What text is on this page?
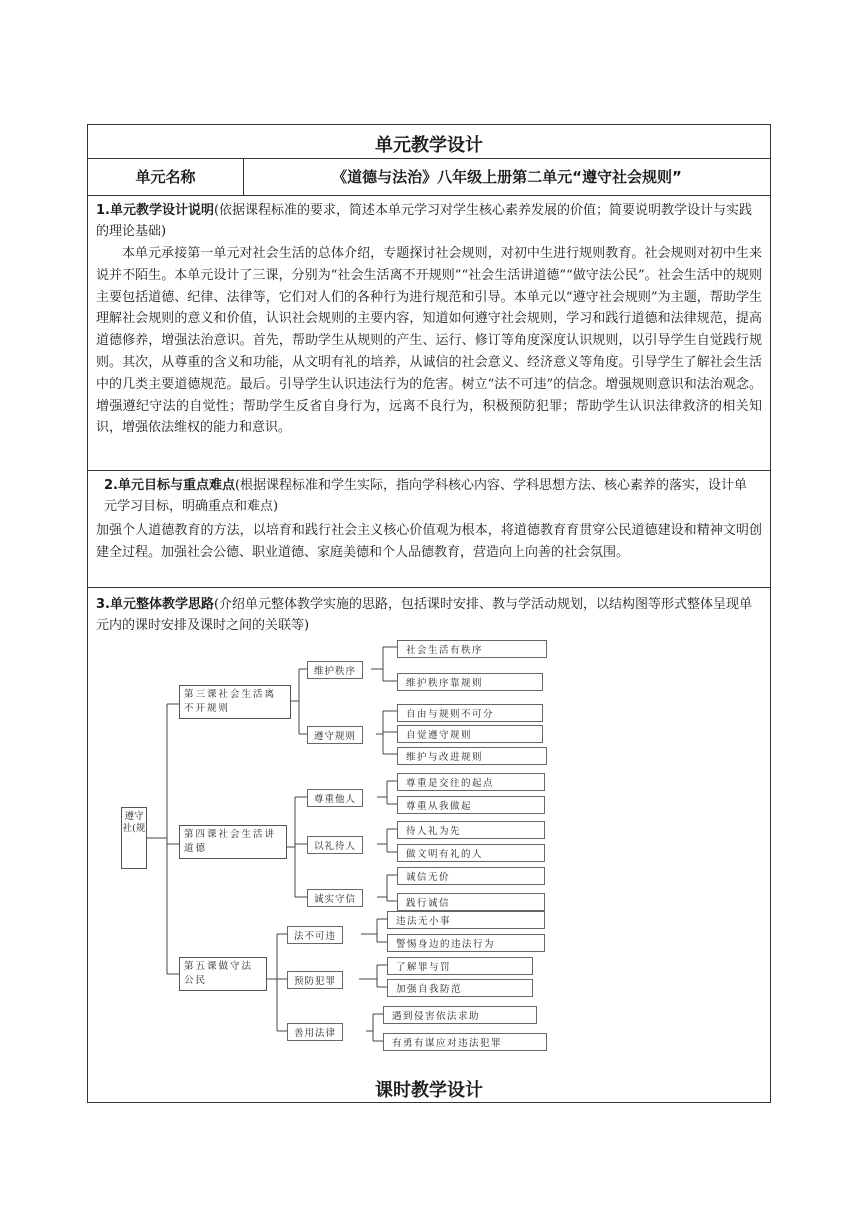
单元教学设计
单元名称	《道德与法治》八年级上册第二单元“遵守社会规则”
1.单元教学设计说明(依据课程标准的要求，简述本单元学习对学生核心素养发展的价值；简要说明教学设计与实践的理论基础)
本单元承接第一单元对社会生活的总体介绍，专题探讨社会规则，对初中生进行规则教育。社会规则对初中生来说并不陌生。本单元设计了三课，分别为“社会生活离不开规则”“社会生活讲道德”“做守法公民”。社会生活中的规则主要包括道德、纪律、法律等，它们对人们的各种行为进行规范和引导。本单元以“遵守社会规则”为主题，帮助学生理解社会规则的意义和价值，认识社会规则的主要内容，知道如何遵守社会规则，学习和践行道德和法律规范，提高道德修养，增强法治意识。首先，帮助学生从规则的产生、运行、修订等角度深度认识规则，以引导学生自觉践行规则。其次，从尊重的含义和功能，从文明有礼的培养，从诚信的社会意义、经济意义等角度。引导学生了解社会生活中的几类主要道德规范。最后。引导学生认识违法行为的危害。树立“法不可违”的信念。增强规则意识和法治观念。增强遵纪守法的自觉性；帮助学生反省自身行为，远离不良行为，积极预防犯罪；帮助学生认识法律救济的相关知识，增强依法维权的能力和意识。
2.单元目标与重点难点(根据课程标准和学生实际，指向学科核心内容、学科思想方法、核心素养的落实，设计单元学习目标，明确重点和难点)
加强个人道德教育的方法，以培育和践行社会主义核心价值观为根本，将道德教育育贯穿公民道德建设和精神文明创建全过程。加强社会公德、职业道德、家庭美德和个人品德教育，营造向上向善的社会氛围。
3.单元整体教学思路(介绍单元整体教学实施的思路，包括课时安排、教与学活动规划，以结构图等形式整体呈现单元内的课时安排及课时之间的关联等)
遵守社(规
第三课社会生活离不开规则
维护秩序
社会生活有秩序
维护秩序靠规则
遵守规则
自由与规则不可分
自觉遵守规则
维护与改进规则
第四课社会生活讲道德
尊重他人
尊重是交往的起点
尊重从我做起
以礼待人
待人礼为先
做文明有礼的人
诚实守信
诚信无价
践行诚信
第五课做守法公民
法不可违
违法无小事
警惕身边的违法行为
预防犯罪
了解罪与罚
加强自我防范
善用法律
遇到侵害依法求助
有勇有谋应对违法犯罪
课时教学设计
